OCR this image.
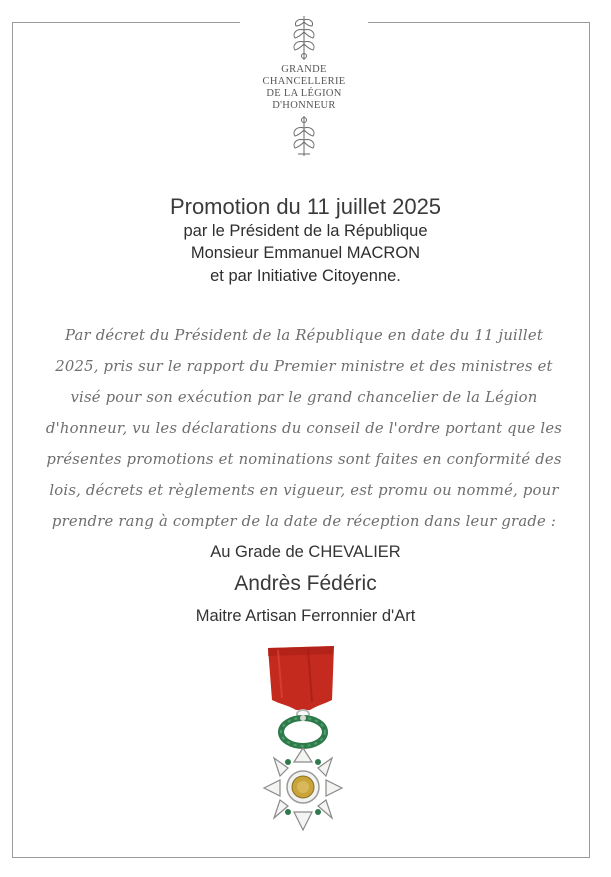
GRANDE
CHANCELLERIE
DE LA LÉGION
D'HONNEUR
Promotion du 11 juillet 2025
par le Président de la République
Monsieur Emmanuel MACRON
et par Initiative Citoyenne.
Par décret du Président de la République en date du 11 juillet 2025, pris sur le rapport du Premier ministre et des ministres et visé pour son exécution par le grand chancelier de la Légion d'honneur, vu les déclarations du conseil de l'ordre portant que les présentes promotions et nominations sont faites en conformité des lois, décrets et règlements en vigueur, est promu ou nommé, pour prendre rang à compter de la date de réception dans leur grade :
Au Grade de CHEVALIER
Andrès Fédéric
Maitre Artisan Ferronnier d'Art
